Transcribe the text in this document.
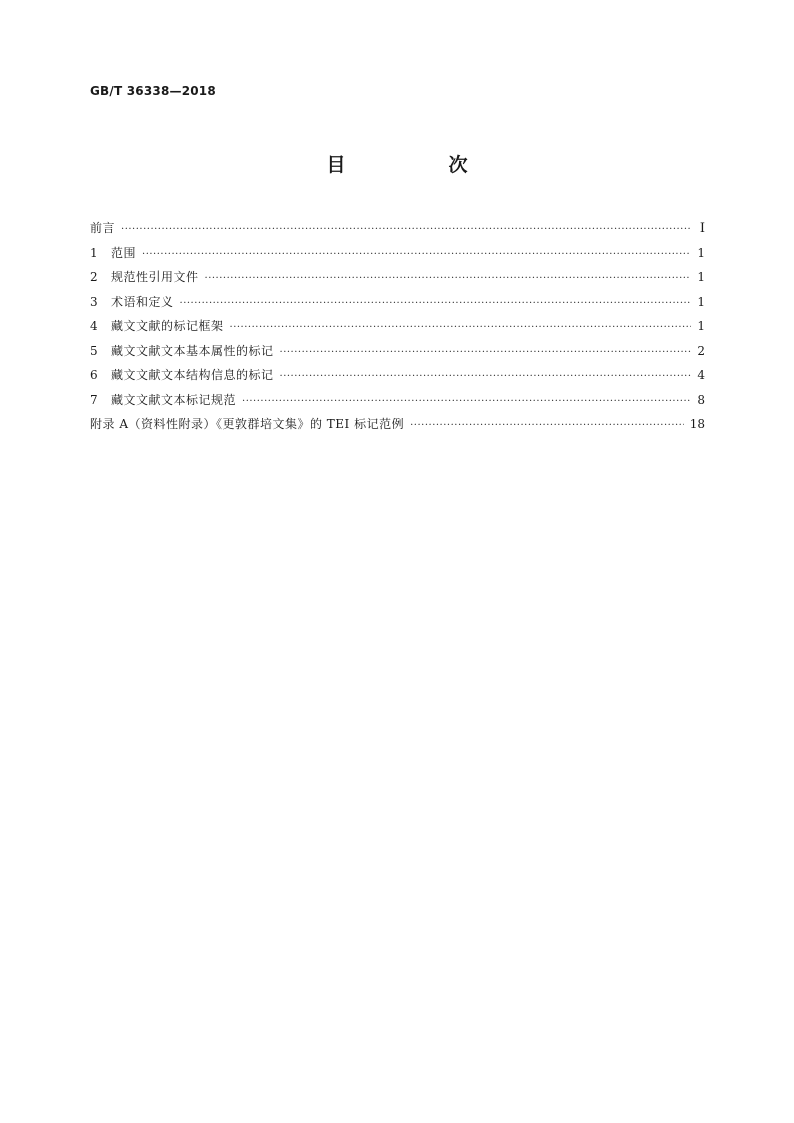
GB/T 36338—2018
目　次
前言 ·····	I
1	范围 ·····	1
2	规范性引用文件 ·····	1
3	术语和定义 ·····	1
4	藏文文献的标记框架 ·····	1
5	藏文文献文本基本属性的标记 ·····	2
6	藏文文献文本结构信息的标记 ·····	4
7	藏文文献文本标记规范 ·····	8
附录 A（资料性附录）《更敦群培文集》的 TEI 标记范例 ·····	18
